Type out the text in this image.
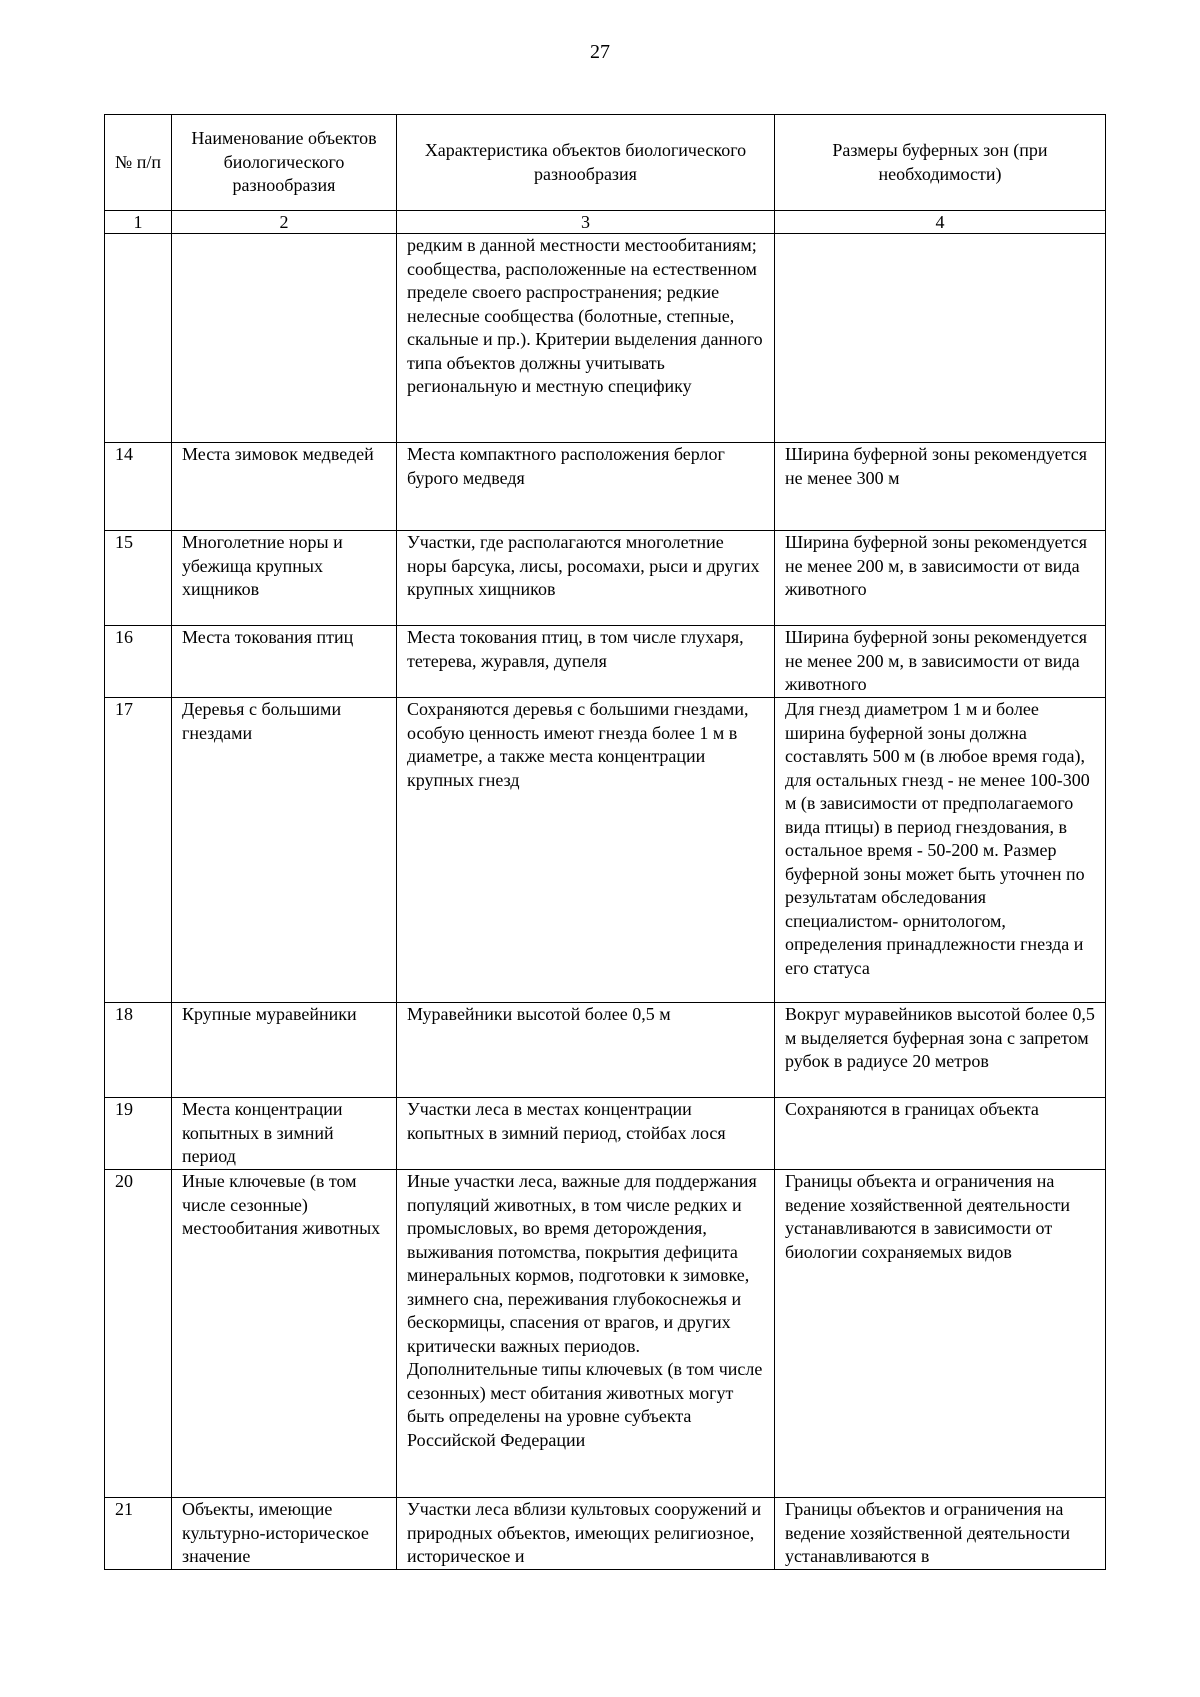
27
№ п/п	Наименование объектов биологического разнообразия	Характеристика объектов биологического разнообразия	Размеры буферных зон (при необходимости)
1	2	3	4
		редким в данной местности местообитаниям; сообщества, расположенные на естественном пределе своего распространения; редкие нелесные сообщества (болотные, степные, скальные и пр.). Критерии выделения данного типа объектов должны учитывать региональную и местную специфику	
14	Места зимовок медведей	Места компактного расположения берлог бурого медведя	Ширина буферной зоны рекомендуется не менее 300 м
15	Многолетние норы и убежища крупных хищников	Участки, где располагаются многолетние норы барсука, лисы, росомахи, рыси и других крупных хищников	Ширина буферной зоны рекомендуется не менее 200 м, в зависимости от вида животного
16	Места токования птиц	Места токования птиц, в том числе глухаря, тетерева, журавля, дупеля	Ширина буферной зоны рекомендуется не менее 200 м, в зависимости от вида животного
17	Деревья с большими гнездами	Сохраняются деревья с большими гнездами, особую ценность имеют гнезда более 1 м в диаметре, а также места концентрации крупных гнезд	Для гнезд диаметром 1 м и более ширина буферной зоны должна составлять 500 м (в любое время года), для остальных гнезд - не менее 100-300 м (в зависимости от предполагаемого вида птицы) в период гнездования, в остальное время - 50-200 м. Размер буферной зоны может быть уточнен по результатам обследования специалистом- орнитологом, определения принадлежности гнезда и его статуса
18	Крупные муравейники	Муравейники высотой более 0,5 м	Вокруг муравейников высотой более 0,5 м выделяется буферная зона с запретом рубок в радиусе 20 метров
19	Места концентрации копытных в зимний период	Участки леса в местах концентрации копытных в зимний период, стойбах лося	Сохраняются в границах объекта
20	Иные ключевые (в том числе сезонные) местообитания животных	Иные участки леса, важные для поддержания популяций животных, в том числе редких и промысловых, во время деторождения, выживания потомства, покрытия дефицита минеральных кормов, подготовки к зимовке, зимнего сна, переживания глубокоснежья и бескормицы, спасения от врагов, и других критически важных периодов. Дополнительные типы ключевых (в том числе сезонных) мест обитания животных могут быть определены на уровне субъекта Российской Федерации	Границы объекта и ограничения на ведение хозяйственной деятельности устанавливаются в зависимости от биологии сохраняемых видов
21	Объекты, имеющие культурно-историческое значение	Участки леса вблизи культовых сооружений и природных объектов, имеющих религиозное, историческое и	Границы объектов и ограничения на ведение хозяйственной деятельности устанавливаются в
